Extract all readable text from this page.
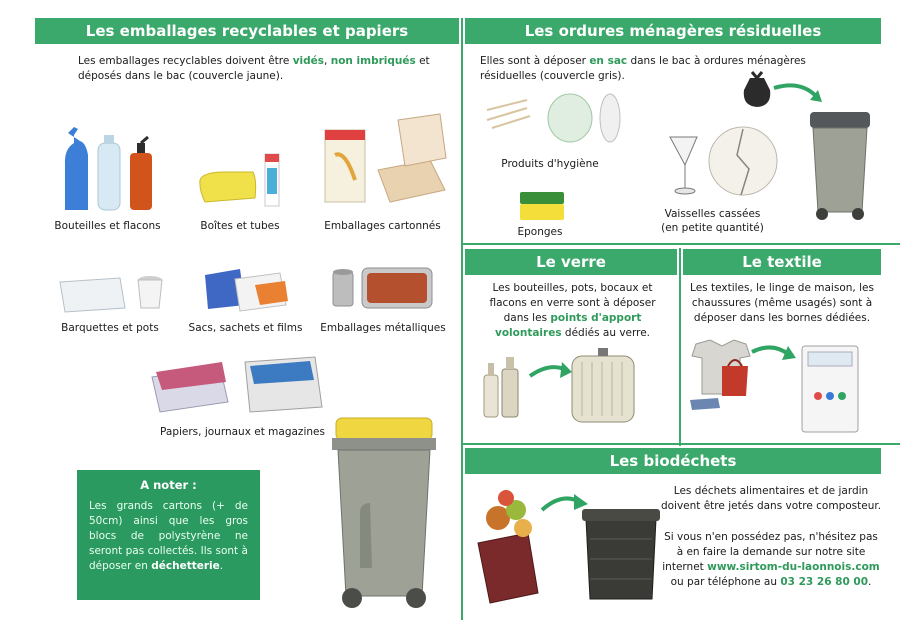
Les emballages recyclables et papiers
Les emballages recyclables doivent être vidés, non imbriqués et
déposés dans le bac (couvercle jaune).
Bouteilles et flacons	Boîtes et tubes	Emballages cartonnés
Barquettes et pots	Sacs, sachets et films	Emballages métalliques
Papiers, journaux et magazines
A noter :
Les grands cartons (+ de 50cm) ainsi que les gros blocs de polystyrène ne seront pas collectés. Ils sont à déposer en déchetterie.
Les ordures ménagères résiduelles
Elles sont à déposer en sac dans le bac à ordures ménagères
résiduelles (couvercle gris).
Produits d'hygiène
Eponges
Vaisselles cassées
(en petite quantité)
Le verre
Les bouteilles, pots, bocaux et
flacons en verre sont à déposer
dans les points d'apport
volontaires dédiés au verre.
Le textile
Les textiles, le linge de maison, les
chaussures (même usagés) sont à
déposer dans les bornes dédiées.
Les biodéchets
Les déchets alimentaires et de jardin
doivent être jetés dans votre composteur.

Si vous n'en possédez pas, n'hésitez pas
à en faire la demande sur notre site
internet www.sirtom-du-laonnois.com
ou par téléphone au 03 23 26 80 00.
